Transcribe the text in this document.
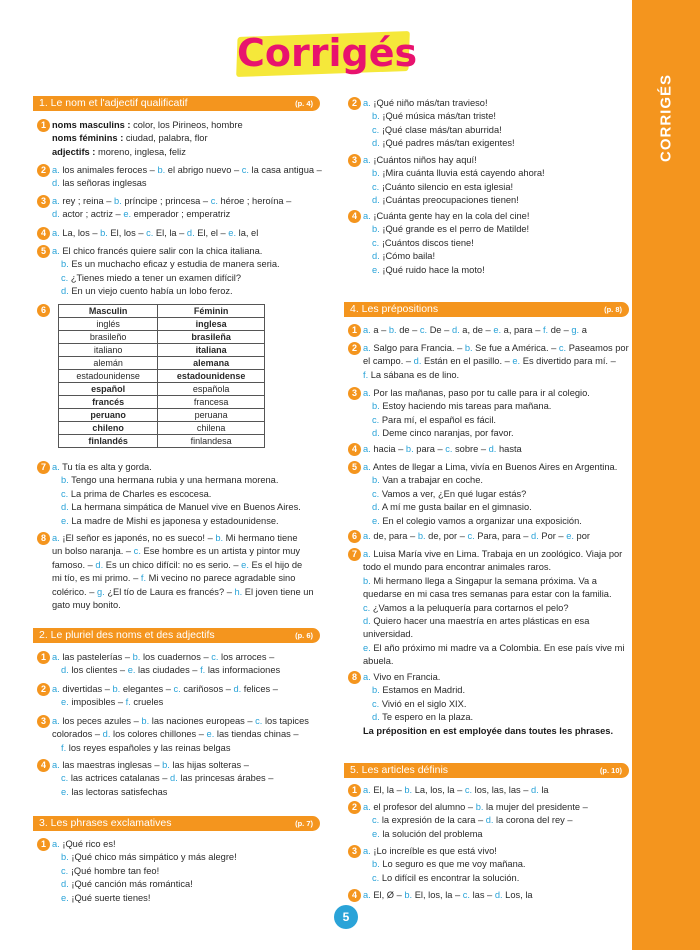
CORRIGÉS
Corrigés
1. Le nom et l'adjectif qualificatif	(p. 4)
1 noms masculins : color, los Pirineos, hombre
noms féminins : ciudad, palabra, flor
adjectifs : moreno, inglesa, feliz
2 a. los animales feroces – b. el abrigo nuevo – c. la casa antigua –
d. las señoras inglesas
3 a. rey ; reina – b. príncipe ; princesa – c. héroe ; heroína –
d. actor ; actriz – e. emperador ; emperatriz
4 a. La, los – b. El, los – c. El, la – d. El, el – e. la, el
5 a. El chico francés quiere salir con la chica italiana.
b. Es un muchacho eficaz y estudia de manera seria.
c. ¿Tienes miedo a tener un examen difícil?
d. En un viejo cuento había un lobo feroz.
6	Masculin	Féminin
inglés	inglesa
brasileño	brasileña
italiano	italiana
alemán	alemana
estadounidense	estadounidense
español	española
francés	francesa
peruano	peruana
chileno	chilena
finlandés	finlandesa
7 a. Tu tía es alta y gorda.
b. Tengo una hermana rubia y una hermana morena.
c. La prima de Charles es escocesa.
d. La hermana simpática de Manuel vive en Buenos Aires.
e. La madre de Mishi es japonesa y estadounidense.
8 a. ¡El señor es japonés, no es sueco! – b. Mi hermano tiene
un bolso naranja. – c. Ese hombre es un artista y pintor muy
famoso. – d. Es un chico difícil: no es serio. – e. Es el hijo de
mi tío, es mi primo. – f. Mi vecino no parece agradable sino
colérico. – g. ¿El tío de Laura es francés? – h. El joven tiene un
gato muy bonito.
2. Le pluriel des noms et des adjectifs	(p. 6)
1 a. las pastelerías – b. los cuadernos – c. los arroces –
d. los clientes – e. las ciudades – f. las informaciones
2 a. divertidas – b. elegantes – c. cariñosos – d. felices –
e. imposibles – f. crueles
3 a. los peces azules – b. las naciones europeas – c. los tapices
colorados – d. los colores chillones – e. las tiendas chinas –
f. los reyes españoles y las reinas belgas
4 a. las maestras inglesas – b. las hijas solteras –
c. las actrices catalanas – d. las princesas árabes –
e. las lectoras satisfechas
3. Les phrases exclamatives	(p. 7)
1 a. ¡Qué rico es!
b. ¡Qué chico más simpático y más alegre!
c. ¡Qué hombre tan feo!
d. ¡Qué canción más romántica!
e. ¡Qué suerte tienes!
2 a. ¡Qué niño más/tan travieso!
b. ¡Qué música más/tan triste!
c. ¡Qué clase más/tan aburrida!
d. ¡Qué padres más/tan exigentes!
3 a. ¡Cuántos niños hay aquí!
b. ¡Mira cuánta lluvia está cayendo ahora!
c. ¡Cuánto silencio en esta iglesia!
d. ¡Cuántas preocupaciones tienen!
4 a. ¡Cuánta gente hay en la cola del cine!
b. ¡Qué grande es el perro de Matilde!
c. ¡Cuántos discos tiene!
d. ¡Cómo baila!
e. ¡Qué ruido hace la moto!
4. Les prépositions	(p. 8)
1 a. a – b. de – c. De – d. a, de – e. a, para – f. de – g. a
2 a. Salgo para Francia. – b. Se fue a América. – c. Paseamos por
el campo. – d. Están en el pasillo. – e. Es divertido para mí. –
f. La sábana es de lino.
3 a. Por las mañanas, paso por tu calle para ir al colegio.
b. Estoy haciendo mis tareas para mañana.
c. Para mí, el español es fácil.
d. Deme cinco naranjas, por favor.
4 a. hacia – b. para – c. sobre – d. hasta
5 a. Antes de llegar a Lima, vivía en Buenos Aires en Argentina.
b. Van a trabajar en coche.
c. Vamos a ver, ¿En qué lugar estás?
d. A mí me gusta bailar en el gimnasio.
e. En el colegio vamos a organizar una exposición.
6 a. de, para – b. de, por – c. Para, para – d. Por – e. por
7 a. Luisa María vive en Lima. Trabaja en un zoológico. Viaja por
todo el mundo para encontrar animales raros.
b. Mi hermano llega a Singapur la semana próxima. Va a
quedarse en mi casa tres semanas para estar con la familia.
c. ¿Vamos a la peluquería para cortarnos el pelo?
d. Quiero hacer una maestría en artes plásticas en esa
universidad.
e. El año próximo mi madre va a Colombia. En ese país vive mi
abuela.
8 a. Vivo en Francia.
b. Estamos en Madrid.
c. Vivió en el siglo XIX.
d. Te espero en la plaza.
La préposition en est employée dans toutes les phrases.
5. Les articles définis	(p. 10)
1 a. El, la – b. La, los, la – c. los, las, las – d. la
2 a. el profesor del alumno – b. la mujer del presidente –
c. la expresión de la cara – d. la corona del rey –
e. la solución del problema
3 a. ¡Lo increíble es que está vivo!
b. Lo seguro es que me voy mañana.
c. Lo difícil es encontrar la solución.
4 a. El, Ø – b. El, los, la – c. las – d. Los, la
5
